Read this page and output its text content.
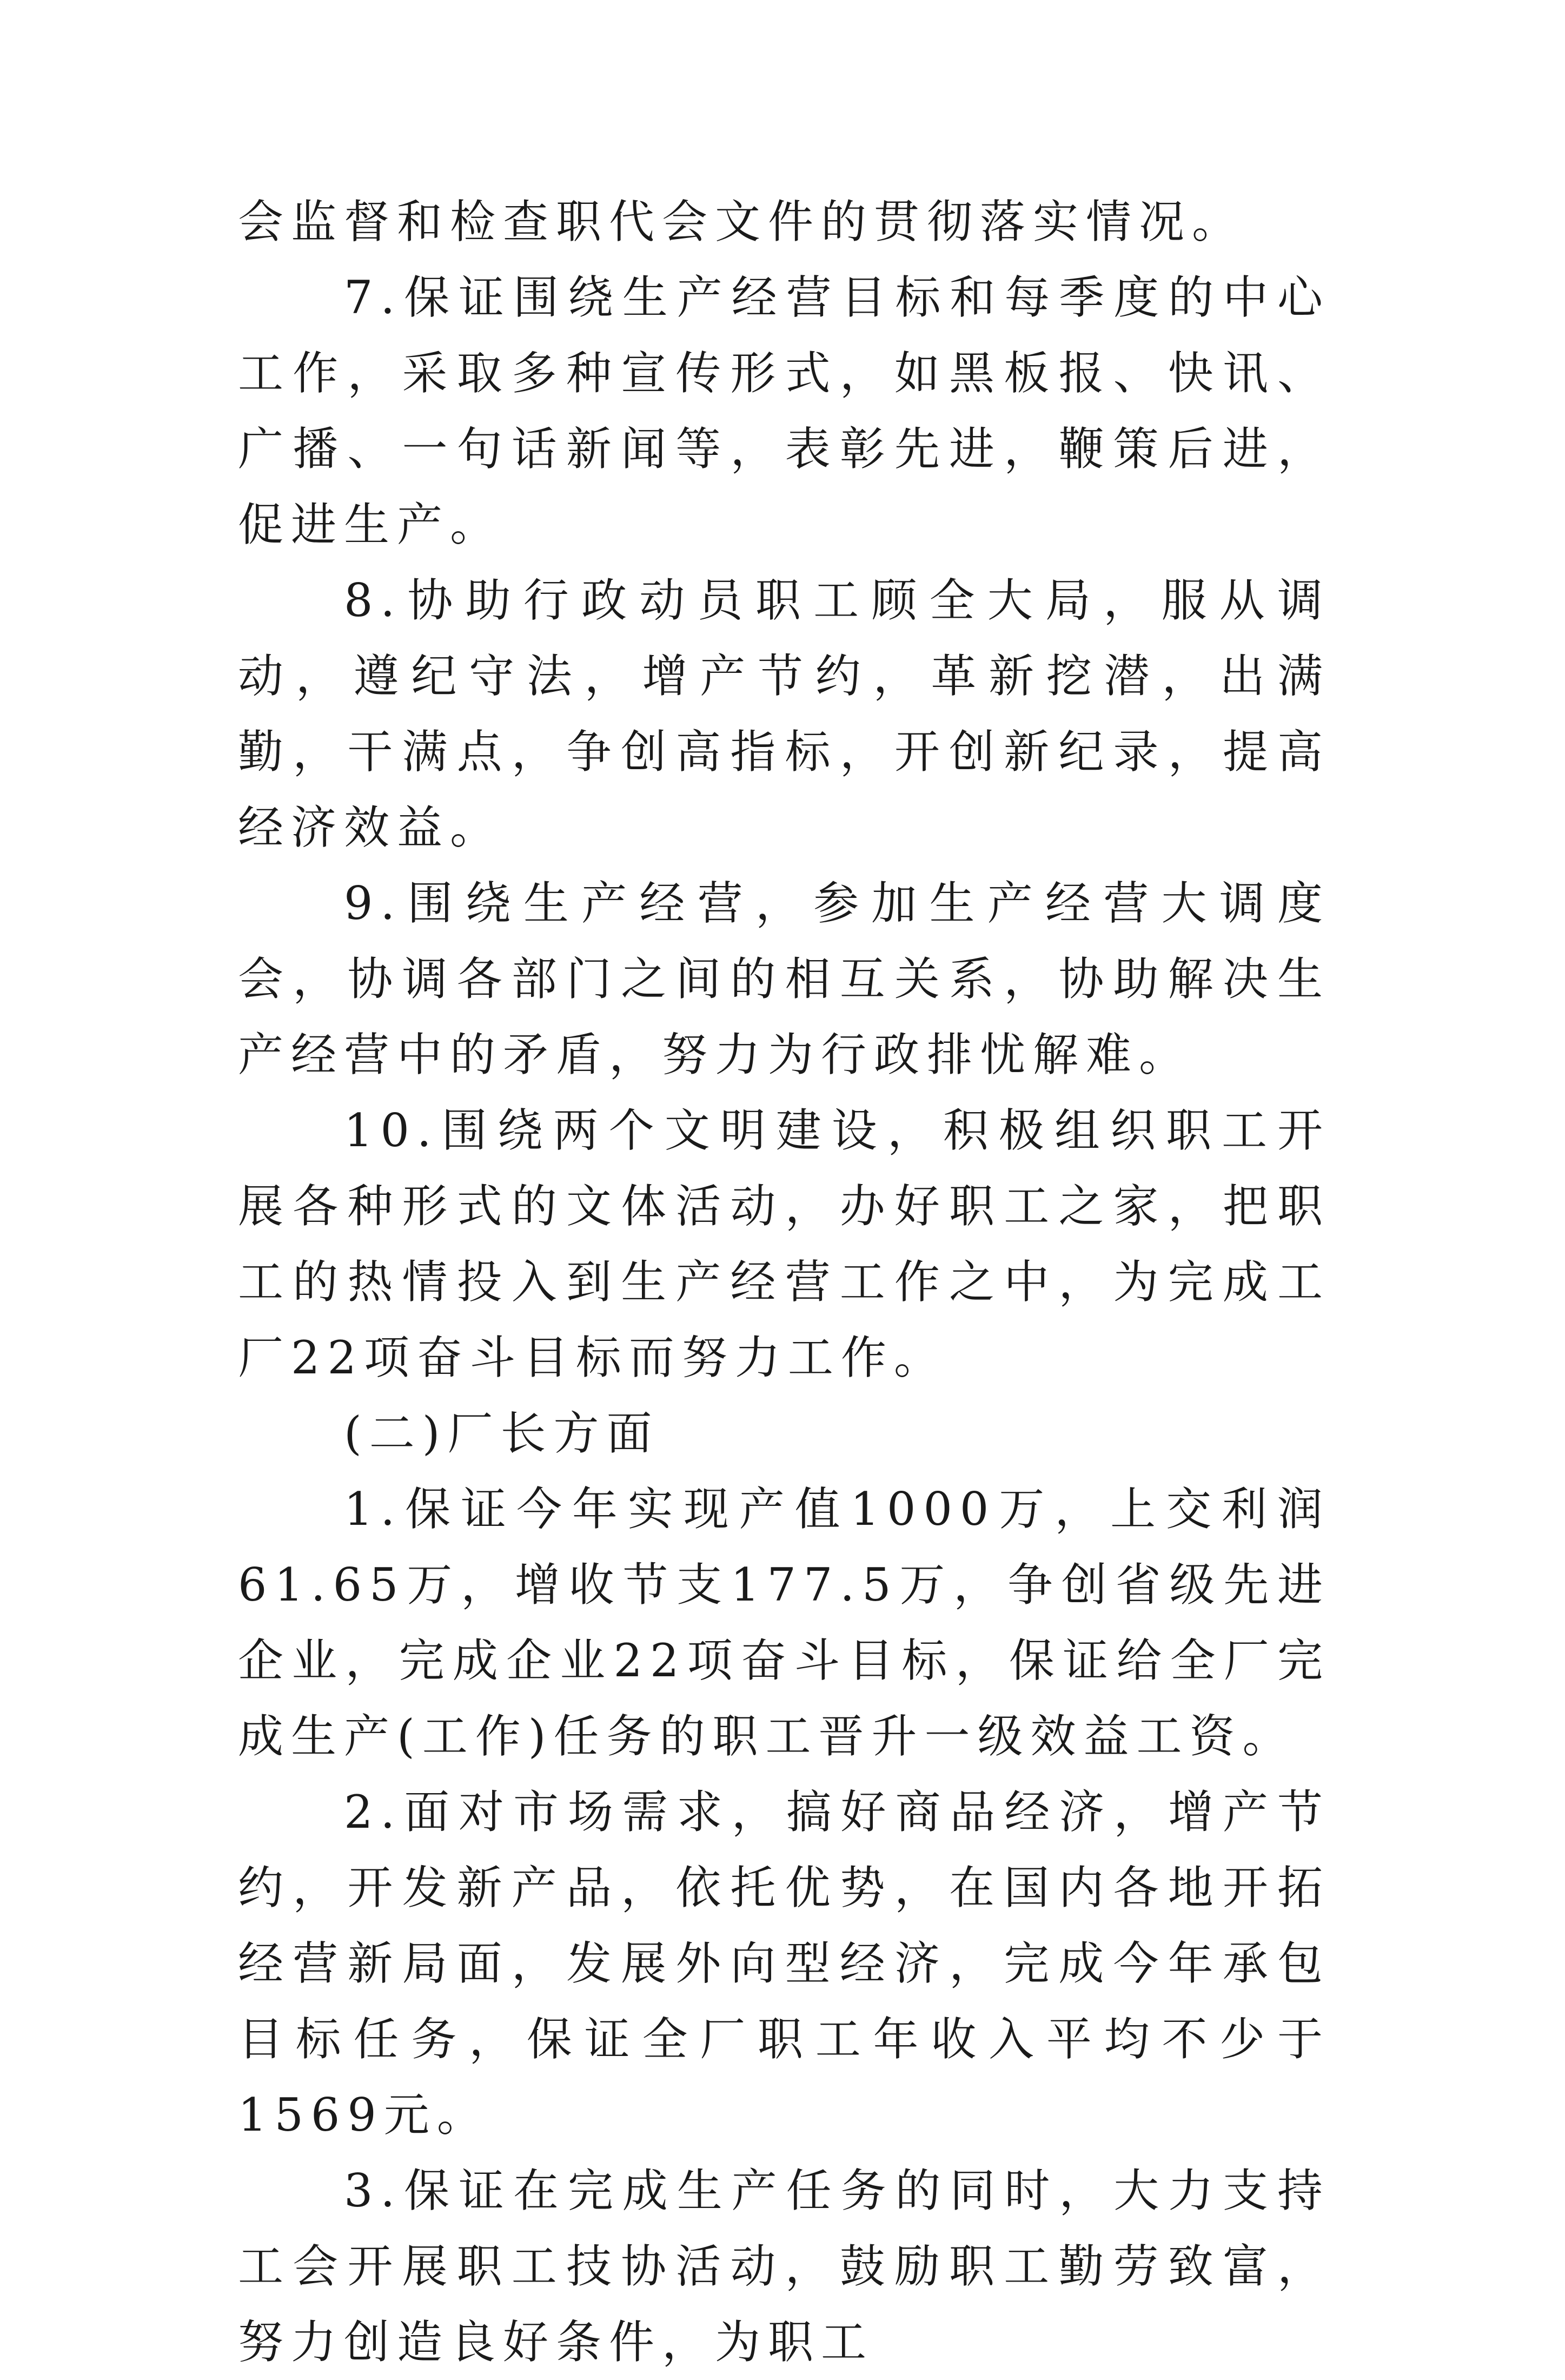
会监督和检查职代会文件的贯彻落实情况。

7.保证围绕生产经营目标和每季度的中心工作，采取多种宣传形式，如黑板报、快讯、广播、一句话新闻等，表彰先进，鞭策后进，促进生产。

8.协助行政动员职工顾全大局，服从调动，遵纪守法，增产节约，革新挖潜，出满勤，干满点，争创高指标，开创新纪录，提高经济效益。

9.围绕生产经营，参加生产经营大调度会，协调各部门之间的相互关系，协助解决生产经营中的矛盾，努力为行政排忧解难。

10.围绕两个文明建设，积极组织职工开展各种形式的文体活动，办好职工之家，把职工的热情投入到生产经营工作之中，为完成工厂22项奋斗目标而努力工作。

(二)厂长方面

1.保证今年实现产值1000万，上交利润61.65万，增收节支177.5万，争创省级先进企业，完成企业22项奋斗目标，保证给全厂完成生产(工作)任务的职工晋升一级效益工资。

2.面对市场需求，搞好商品经济，增产节约，开发新产品，依托优势，在国内各地开拓经营新局面，发展外向型经济，完成今年承包目标任务，保证全厂职工年收入平均不少于1569元。

3.保证在完成生产任务的同时，大力支持工会开展职工技协活动，鼓励职工勤劳致富，努力创造良好条件，为职工
